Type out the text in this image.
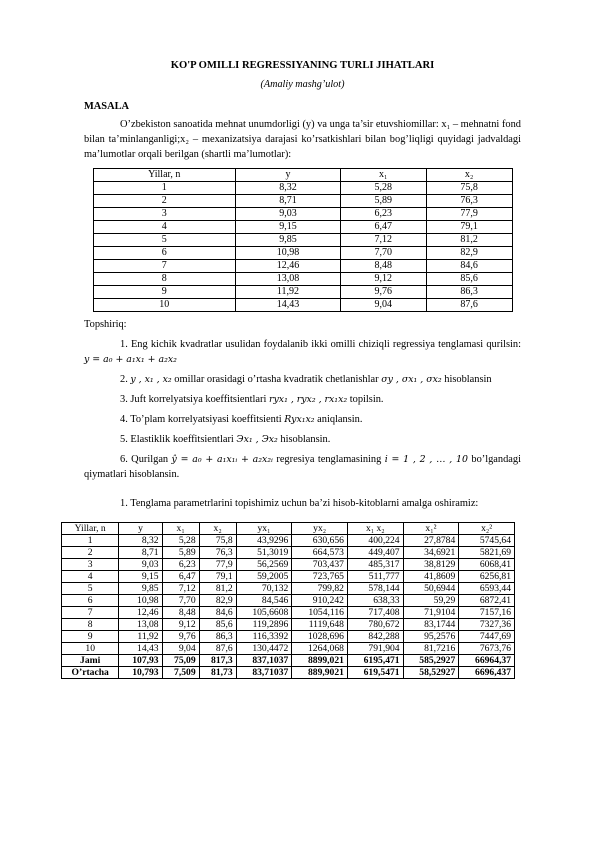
KO'P OMILLI REGRESSIYANING TURLI JIHATLARI

(Amaliy mashg’ulot)

MASALA

O’zbekiston sanoatida mehnat unumdorligi (y) va unga ta’sir etuvshiomillar: x₁ – mehnatni fond bilan ta’minlanganligi;x₂ – mexanizatsiya darajasi ko’rsatkishlari bilan bog’liqligi quyidagi jadvaldagi ma’lumotlar orqali berilgan (shartli ma’lumotlar):

Yillar, n	y	x₁	x₂
1	8,32	5,28	75,8
2	8,71	5,89	76,3
3	9,03	6,23	77,9
4	9,15	6,47	79,1
5	9,85	7,12	81,2
6	10,98	7,70	82,9
7	12,46	8,48	84,6
8	13,08	9,12	85,6
9	11,92	9,76	86,3
10	14,43	9,04	87,6

Topshiriq:

1. Eng kichik kvadratlar usulidan foydalanib ikki omilli chiziqli regressiya tenglamasi qurilsin: y = a₀ + a₁x₁ + a₂x₂

2. y , x₁ , x₂ omillar orasidagi o’rtasha kvadratik chetlanishlar σy , σx₁ , σx₂ hisoblansin

3. Juft korrelyatsiya koeffitsientlari ryx₁ , ryx₂ , rx₁x₂ topilsin.

4. To’plam korrelyatsiyasi koeffitsienti Ryx₁x₂ aniqlansin.

5. Elastiklik koeffitsientlari Эx₁ , Эx₂ hisoblansin.

6. Qurilgan ŷ = a₀ + a₁x₁ᵢ + a₂x₂ᵢ regresiya tenglamasining i = 1 , 2 , … , 10 bo’lgandagi qiymatlari hisoblansin.

1. Tenglama parametrlarini topishimiz uchun ba’zi hisob-kitoblarni amalga oshiramiz:

Yillar, n	y	x₁	x₂	yx₁	yx₂	x₁ x₂	x₁²	x₂²
1	8,32	5,28	75,8	43,9296	630,656	400,224	27,8784	5745,64
2	8,71	5,89	76,3	51,3019	664,573	449,407	34,6921	5821,69
3	9,03	6,23	77,9	56,2569	703,437	485,317	38,8129	6068,41
4	9,15	6,47	79,1	59,2005	723,765	511,777	41,8609	6256,81
5	9,85	7,12	81,2	70,132	799,82	578,144	50,6944	6593,44
6	10,98	7,70	82,9	84,546	910,242	638,33	59,29	6872,41
7	12,46	8,48	84,6	105,6608	1054,116	717,408	71,9104	7157,16
8	13,08	9,12	85,6	119,2896	1119,648	780,672	83,1744	7327,36
9	11,92	9,76	86,3	116,3392	1028,696	842,288	95,2576	7447,69
10	14,43	9,04	87,6	130,4472	1264,068	791,904	81,7216	7673,76
Jami	107,93	75,09	817,3	837,1037	8899,021	6195,471	585,2927	66964,37
O’rtacha	10,793	7,509	81,73	83,71037	889,9021	619,5471	58,52927	6696,437
